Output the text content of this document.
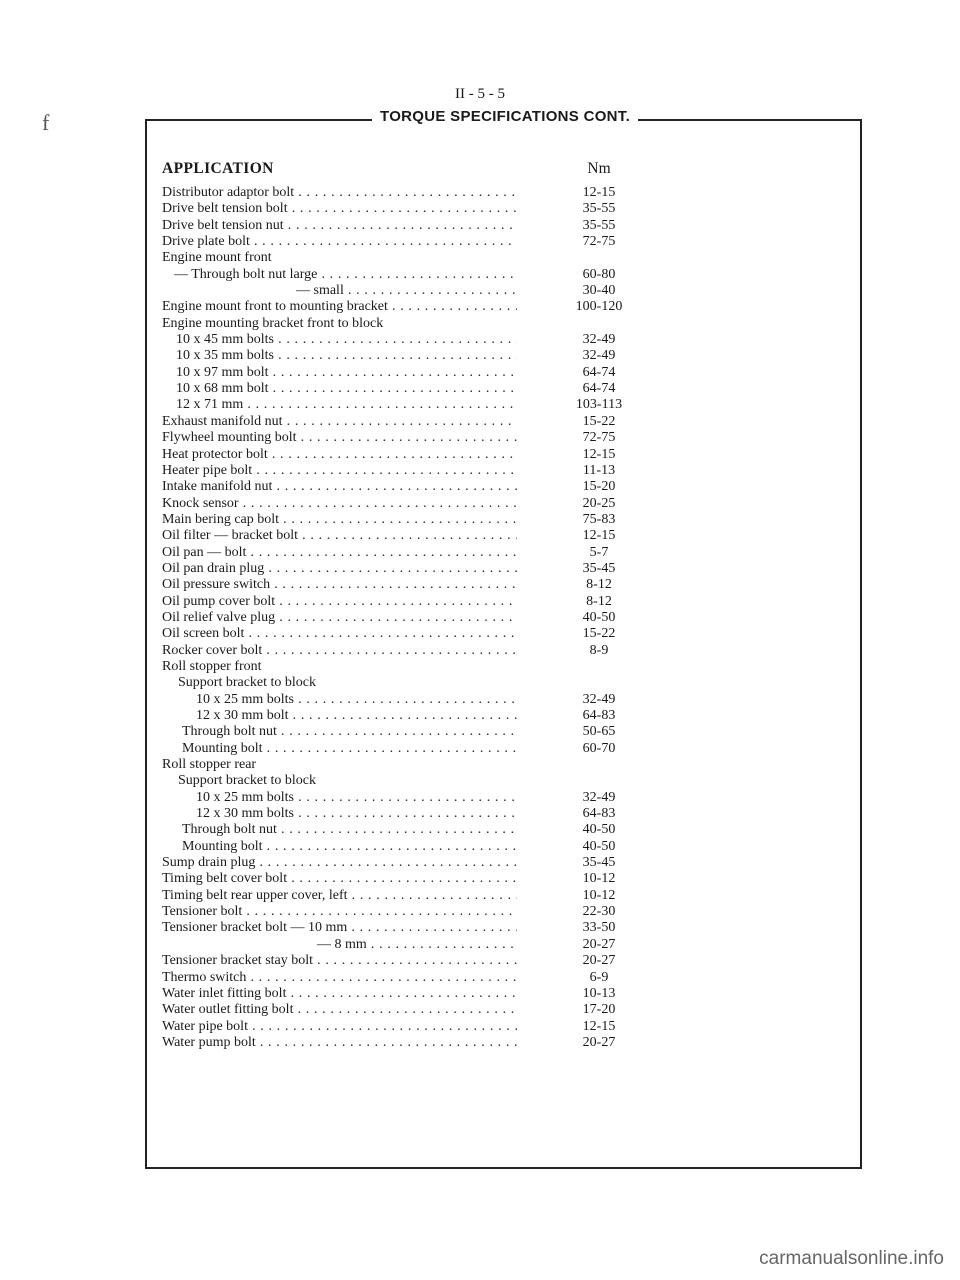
II - 5 - 5
f	TORQUE SPECIFICATIONS CONT.
APPLICATION	Nm
Distributor adaptor bolt . . .	12-15
Drive belt tension bolt . . .	35-55
Drive belt tension nut . . .	35-55
Drive plate bolt . . .	72-75
Engine mount front
— Through bolt nut large . . .	60-80
— small . . .	30-40
Engine mount front to mounting bracket . . .	100-120
Engine mounting bracket front to block
10 x 45 mm bolts . . .	32-49
10 x 35 mm bolts . . .	32-49
10 x 97 mm bolt . . .	64-74
10 x 68 mm bolt . . .	64-74
12 x 71 mm . . .	103-113
Exhaust manifold nut . . .	15-22
Flywheel mounting bolt . . .	72-75
Heat protector bolt . . .	12-15
Heater pipe bolt . . .	11-13
Intake manifold nut . . .	15-20
Knock sensor . . .	20-25
Main bering cap bolt . . .	75-83
Oil filter — bracket bolt . . .	12-15
Oil pan — bolt . . .	5-7
Oil pan drain plug . . .	35-45
Oil pressure switch . . .	8-12
Oil pump cover bolt . . .	8-12
Oil relief valve plug . . .	40-50
Oil screen bolt . . .	15-22
Rocker cover bolt . . .	8-9
Roll stopper front
Support bracket to block
10 x 25 mm bolts . . .	32-49
12 x 30 mm bolt . . .	64-83
Through bolt nut . . .	50-65
Mounting bolt . . .	60-70
Roll stopper rear
Support bracket to block
10 x 25 mm bolts . . .	32-49
12 x 30 mm bolts . . .	64-83
Through bolt nut . . .	40-50
Mounting bolt . . .	40-50
Sump drain plug . . .	35-45
Timing belt cover bolt . . .	10-12
Timing belt rear upper cover, left . . .	10-12
Tensioner bolt . . .	22-30
Tensioner bracket bolt — 10 mm . . .	33-50
— 8 mm . . .	20-27
Tensioner bracket stay bolt . . .	20-27
Thermo switch . . .	6-9
Water inlet fitting bolt . . .	10-13
Water outlet fitting bolt . . .	17-20
Water pipe bolt . . .	12-15
Water pump bolt . . .	20-27
carmanualsonline.info
